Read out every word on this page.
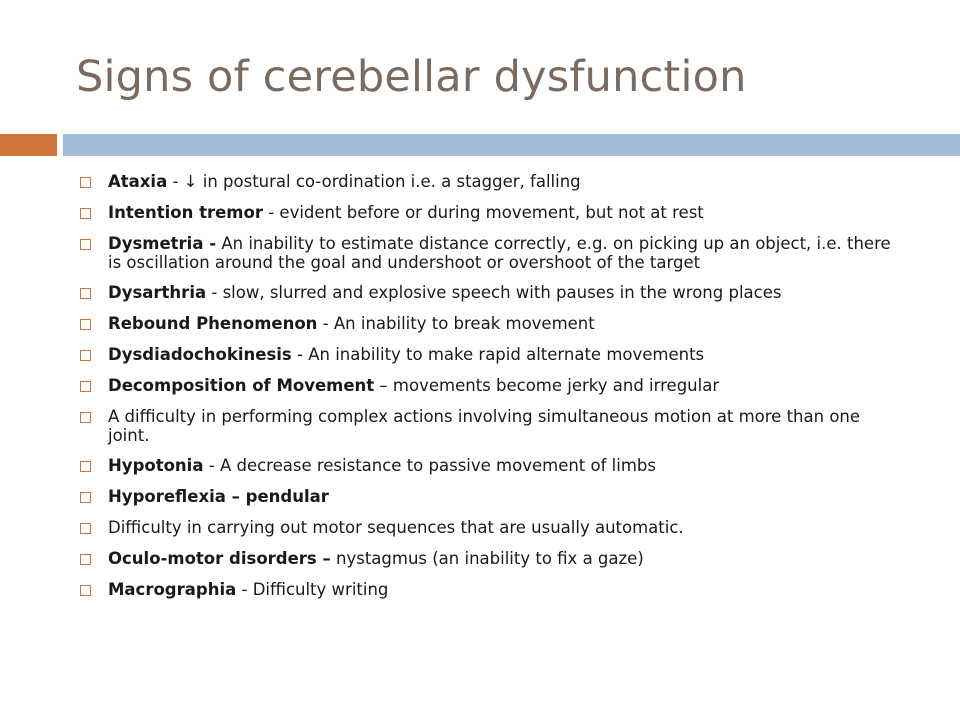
Signs of cerebellar dysfunction
Ataxia - ↓ in postural co-ordination i.e. a stagger, falling
Intention tremor - evident before or during movement, but not at rest
Dysmetria - An inability to estimate distance correctly, e.g. on picking up an object, i.e. there is oscillation around the goal and undershoot or overshoot of the target
Dysarthria - slow, slurred and explosive speech with pauses in the wrong places
Rebound Phenomenon - An inability to break movement
Dysdiadochokinesis - An inability to make rapid alternate movements
Decomposition of Movement – movements become jerky and irregular
A difficulty in performing complex actions involving simultaneous motion at more than one joint.
Hypotonia - A decrease resistance to passive movement of limbs
Hyporeflexia – pendular
Difficulty in carrying out motor sequences that are usually automatic.
Oculo-motor disorders – nystagmus (an inability to fix a gaze)
Macrographia - Difficulty writing
